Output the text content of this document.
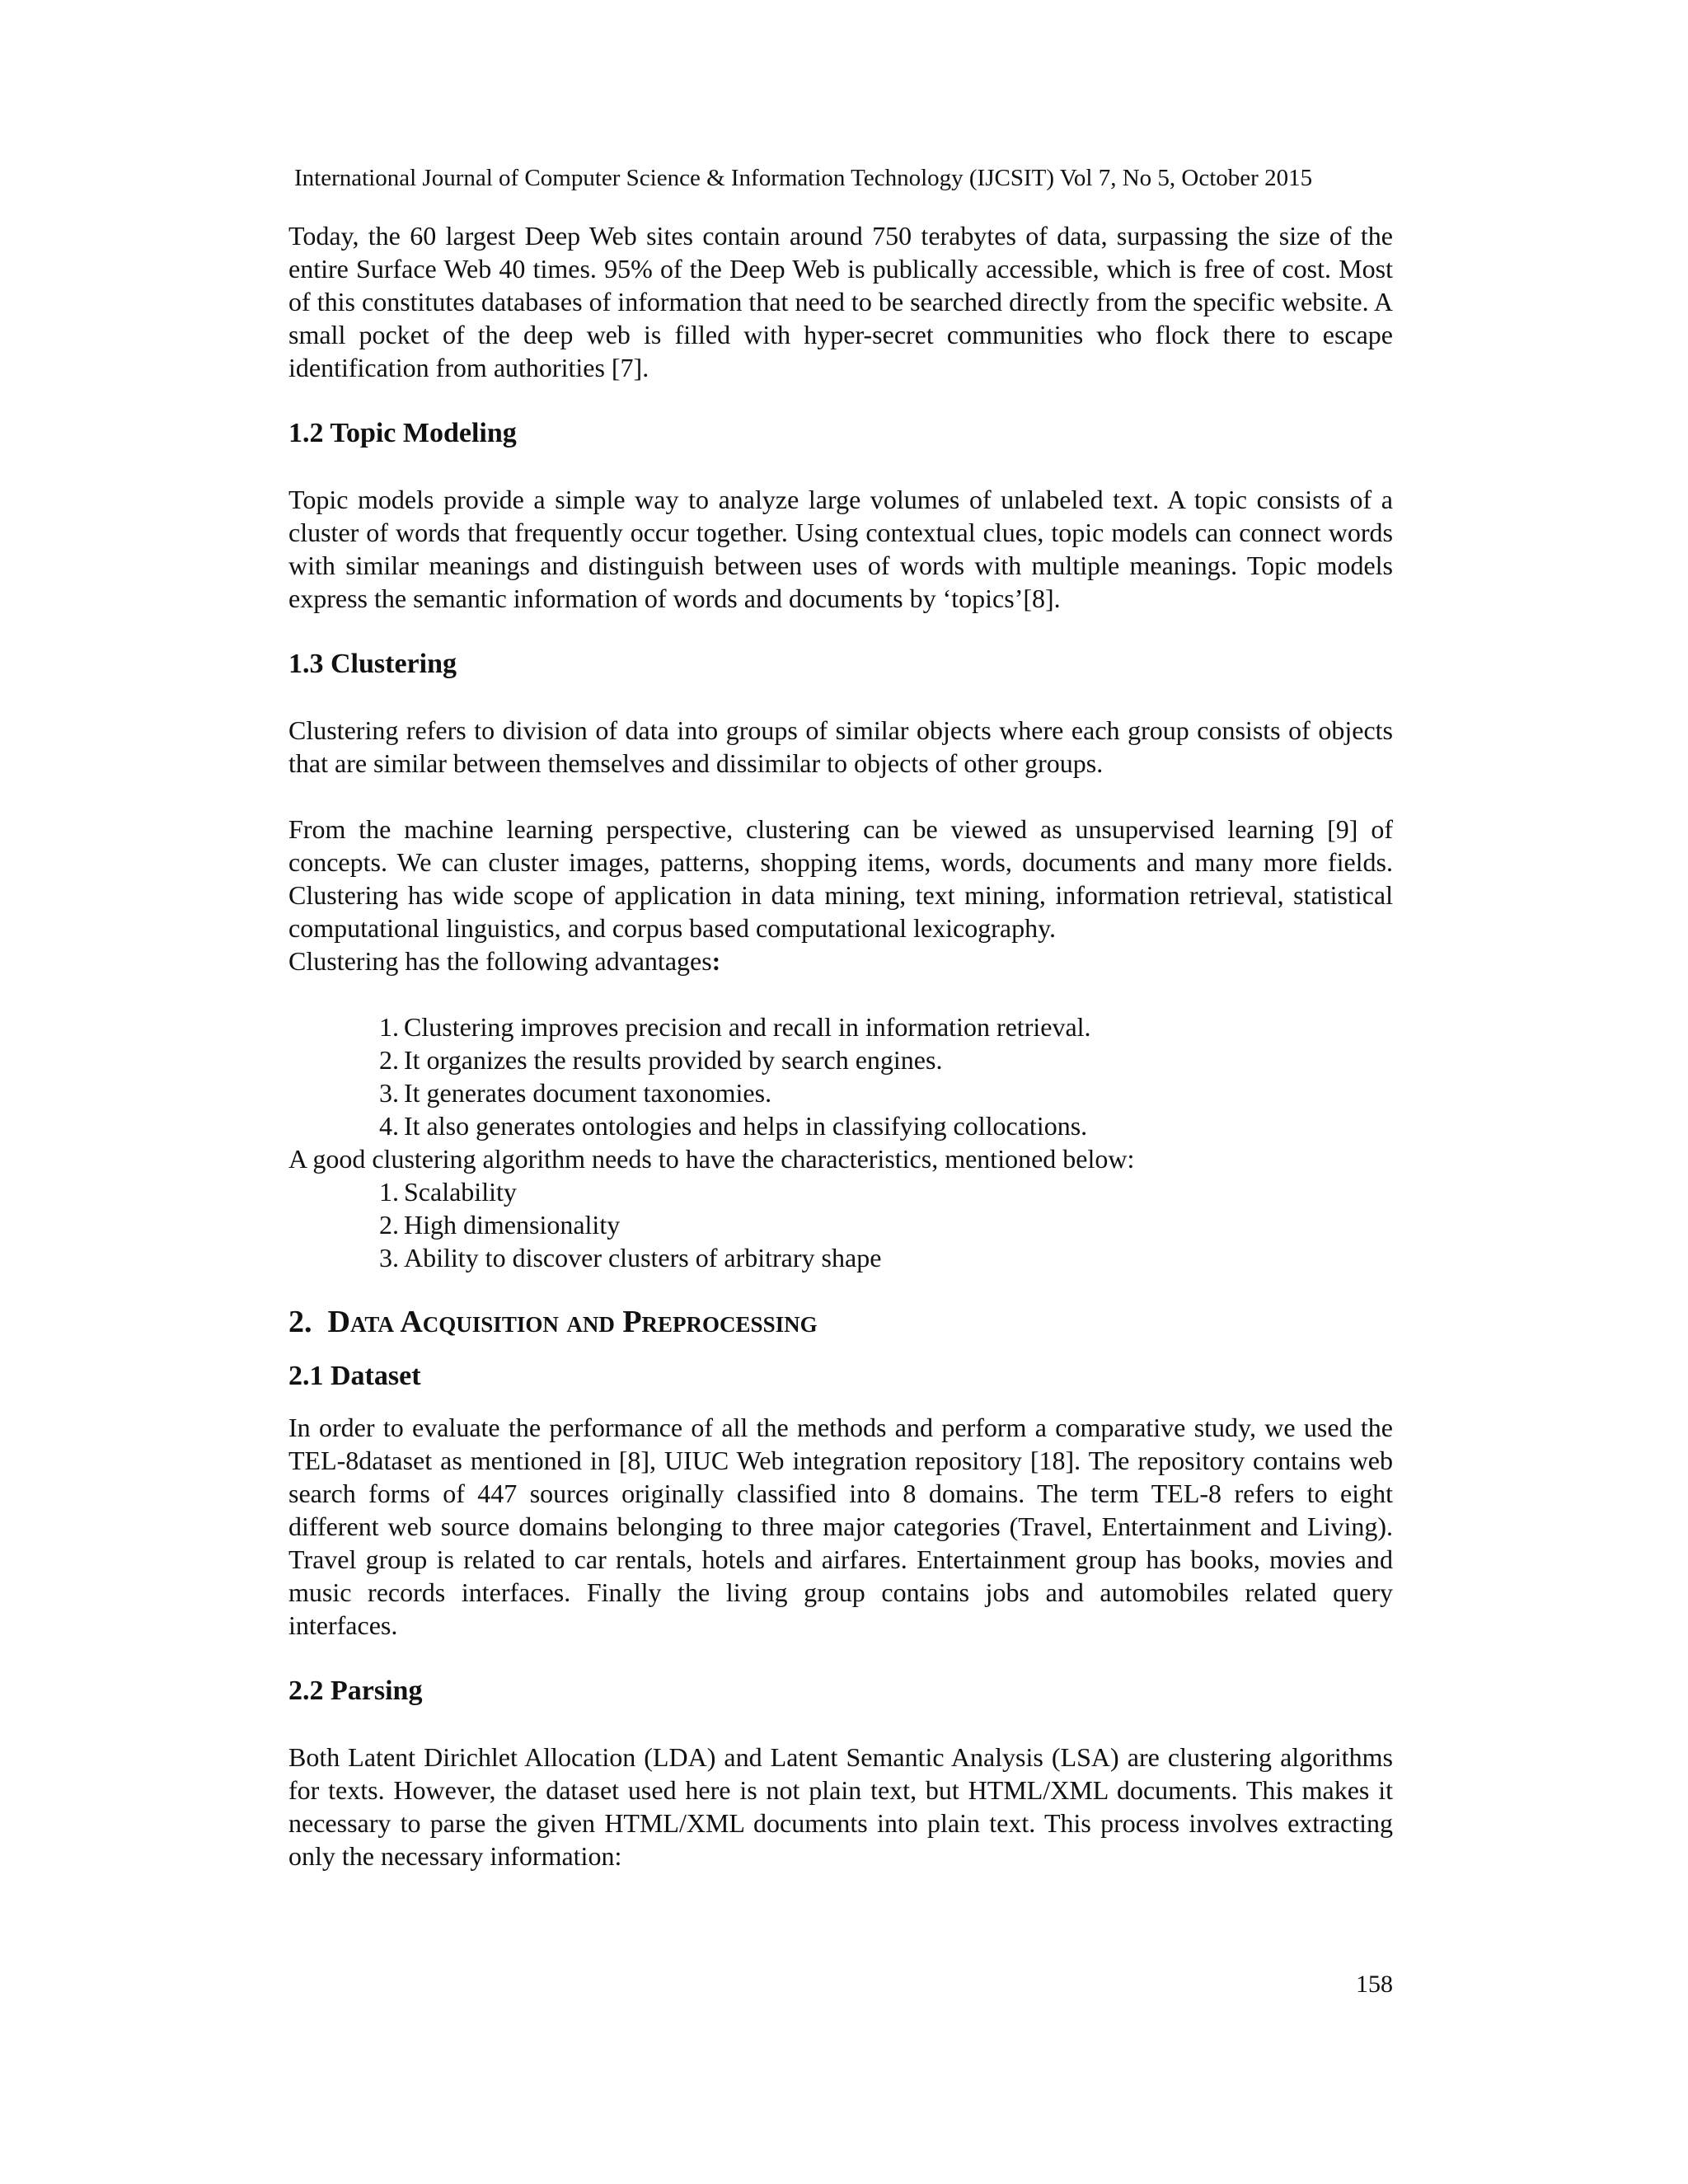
International Journal of Computer Science & Information Technology (IJCSIT) Vol 7, No 5, October 2015

Today, the 60 largest Deep Web sites contain around 750 terabytes of data, surpassing the size of the entire Surface Web 40 times. 95% of the Deep Web is publically accessible, which is free of cost. Most of this constitutes databases of information that need to be searched directly from the specific website. A small pocket of the deep web is filled with hyper-secret communities who flock there to escape identification from authorities [7].

1.2 Topic Modeling

Topic models provide a simple way to analyze large volumes of unlabeled text. A topic consists of a cluster of words that frequently occur together. Using contextual clues, topic models can connect words with similar meanings and distinguish between uses of words with multiple meanings. Topic models express the semantic information of words and documents by ‘topics’[8].

1.3 Clustering

Clustering refers to division of data into groups of similar objects where each group consists of objects that are similar between themselves and dissimilar to objects of other groups.

From the machine learning perspective, clustering can be viewed as unsupervised learning [9] of concepts. We can cluster images, patterns, shopping items, words, documents and many more fields. Clustering has wide scope of application in data mining, text mining, information retrieval, statistical computational linguistics, and corpus based computational lexicography.

Clustering has the following advantages:

1. Clustering improves precision and recall in information retrieval.
2. It organizes the results provided by search engines.
3. It generates document taxonomies.
4. It also generates ontologies and helps in classifying collocations.

A good clustering algorithm needs to have the characteristics, mentioned below:

1. Scalability
2. High dimensionality
3. Ability to discover clusters of arbitrary shape
2. Data Acquisition and Preprocessing
2.1 Dataset

In order to evaluate the performance of all the methods and perform a comparative study, we used the TEL-8dataset as mentioned in [8], UIUC Web integration repository [18]. The repository contains web search forms of 447 sources originally classified into 8 domains. The term TEL-8 refers to eight different web source domains belonging to three major categories (Travel, Entertainment and Living). Travel group is related to car rentals, hotels and airfares. Entertainment group has books, movies and music records interfaces. Finally the living group contains jobs and automobiles related query interfaces.

2.2 Parsing

Both Latent Dirichlet Allocation (LDA) and Latent Semantic Analysis (LSA) are clustering algorithms for texts. However, the dataset used here is not plain text, but HTML/XML documents. This makes it necessary to parse the given HTML/XML documents into plain text. This process involves extracting only the necessary information:

158
